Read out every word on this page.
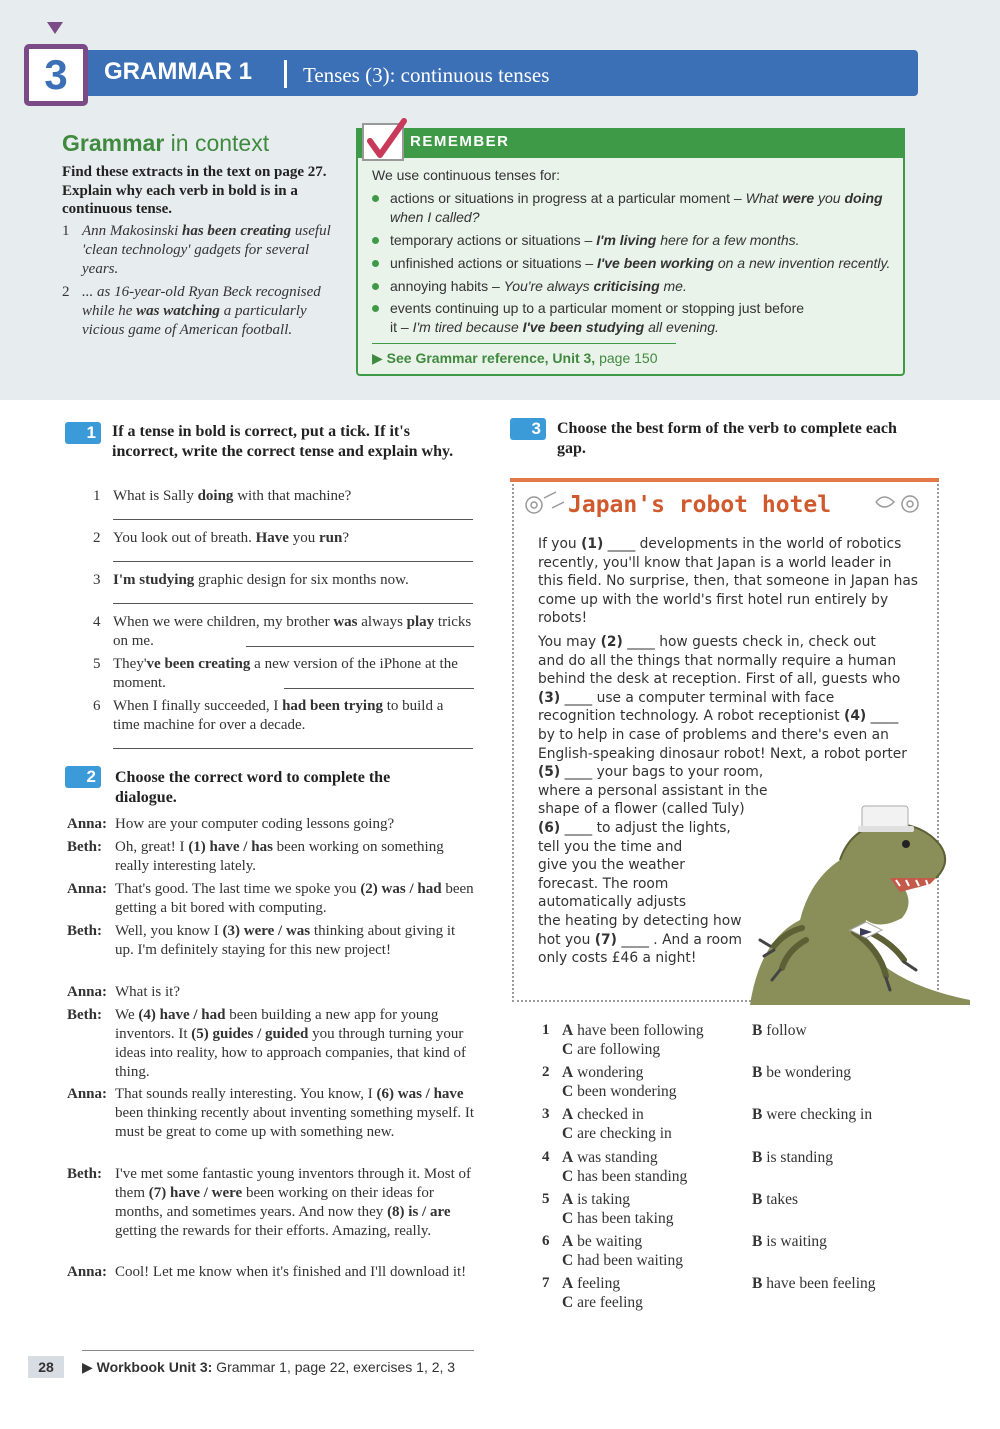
3	GRAMMAR 1 Tenses (3): continuous tenses
Grammar in context
Find these extracts in the text on page 27. Explain why each verb in bold is in a continuous tense.
1 Ann Makosinski has been creating useful 'clean technology' gadgets for several years.
2 ... as 16-year-old Ryan Beck recognised while he was watching a particularly vicious game of American football.
REMEMBER
We use continuous tenses for:
actions or situations in progress at a particular moment – What were you doing when I called?
temporary actions or situations – I'm living here for a few months.
unfinished actions or situations – I've been working on a new invention recently.
annoying habits – You're always criticising me.
events continuing up to a particular moment or stopping just before it – I'm tired because I've been studying all evening.
▶ See Grammar reference, Unit 3, page 150
1	If a tense in bold is correct, put a tick. If it's incorrect, write the correct tense and explain why.
1 What is Sally doing with that machine?
2 You look out of breath. Have you run?
3 I'm studying graphic design for six months now.
4 When we were children, my brother was always play tricks on me.
5 They've been creating a new version of the iPhone at the moment.
6 When I finally succeeded, I had been trying to build a time machine for over a decade.
2	Choose the correct word to complete the dialogue.
Anna: How are your computer coding lessons going?
Beth: Oh, great! I (1) have / has been working on something really interesting lately.
Anna: That's good. The last time we spoke you (2) was / had been getting a bit bored with computing.
Beth: Well, you know I (3) were / was thinking about giving it up. I'm definitely staying for this new project!
Anna: What is it?
Beth: We (4) have / had been building a new app for young inventors. It (5) guides / guided you through turning your ideas into reality, how to approach companies, that kind of thing.
Anna: That sounds really interesting. You know, I (6) was / have been thinking recently about inventing something myself. It must be great to come up with something new.
Beth: I've met some fantastic young inventors through it. Most of them (7) have / were been working on their ideas for months, and sometimes years. And now they (8) is / are getting the rewards for their efforts. Amazing, really.
Anna: Cool! Let me know when it's finished and I'll download it!
3	Choose the best form of the verb to complete each gap.
Japan's robot hotel
If you (1) ____ developments in the world of robotics recently, you'll know that Japan is a world leader in this field. No surprise, then, that someone in Japan has come up with the world's first hotel run entirely by robots!
You may (2) ____ how guests check in, check out
and do all the things that normally require a human
behind the desk at reception. First of all, guests who
(3) ____ use a computer terminal with face
recognition technology. A robot receptionist (4) ____
by to help in case of problems and there's even an
English-speaking dinosaur robot! Next, a robot porter
(5) ____ your bags to your room,
where a personal assistant in the
shape of a flower (called Tuly)
(6) ____ to adjust the lights,
tell you the time and
give you the weather
forecast. The room
automatically adjusts
the heating by detecting how
hot you (7) ____ . And a room
only costs £46 a night!
1 A have been following	B follow
C are following
2 A wondering	B be wondering
C been wondering
3 A checked in	B were checking in
C are checking in
4 A was standing	B is standing
C has been standing
5 A is taking	B takes
C has been taking
6 A be waiting	B is waiting
C had been waiting
7 A feeling	B have been feeling
C are feeling
28	▶ Workbook Unit 3: Grammar 1, page 22, exercises 1, 2, 3
